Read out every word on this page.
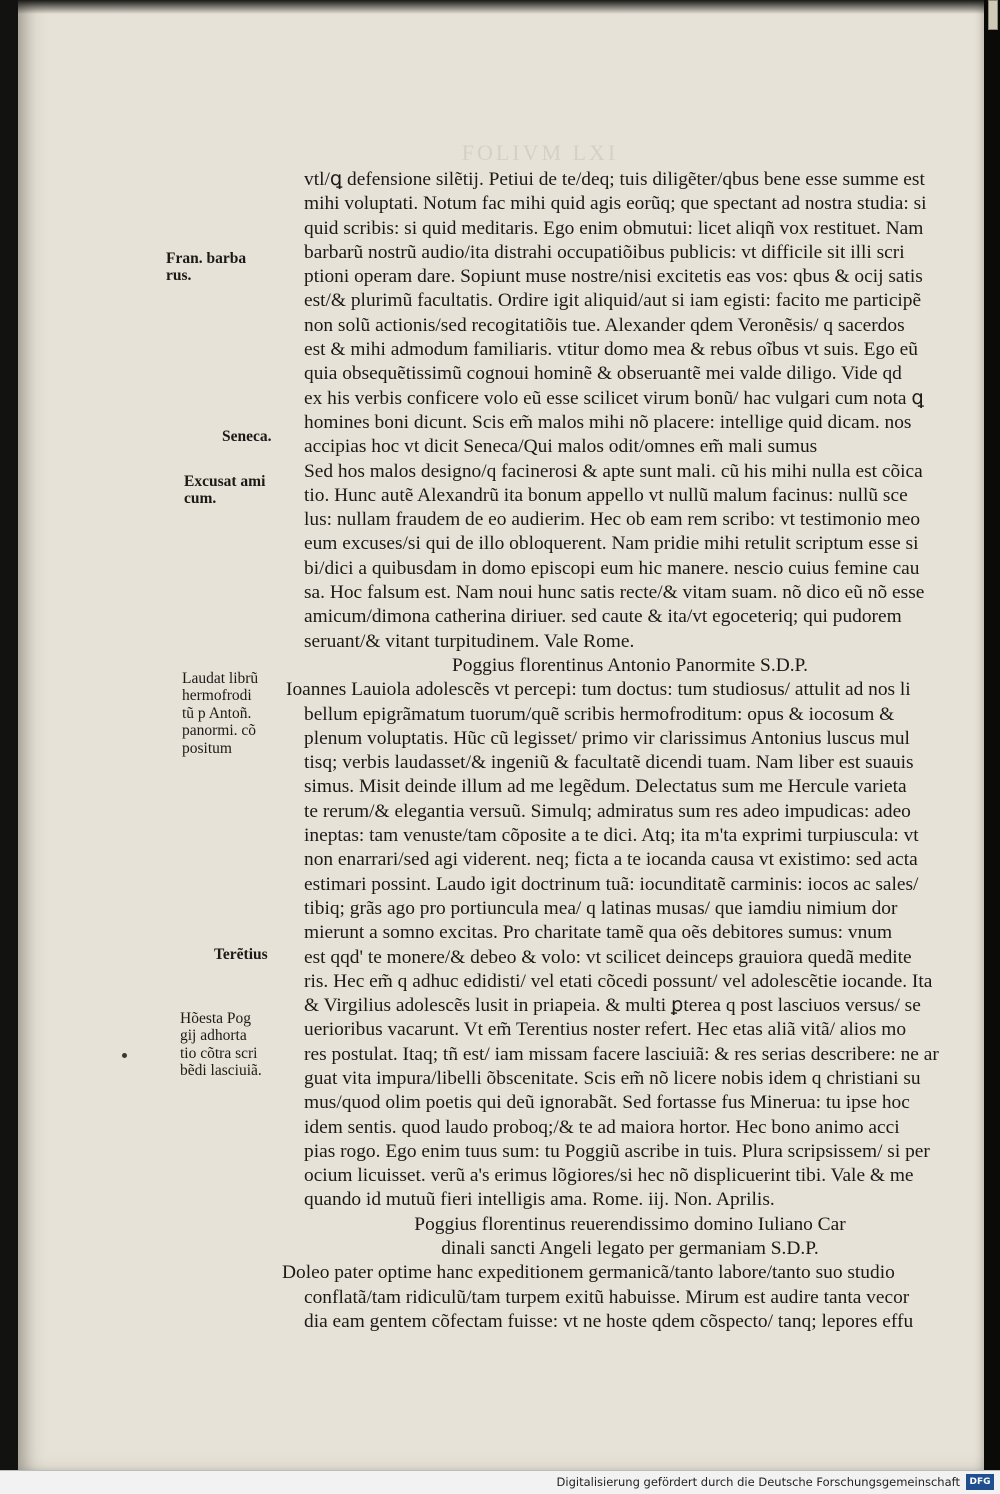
FOLIVM LXI
vtl/ꝗ defensione silẽtij. Petiui de te/deq; tuis diligẽter/qbus bene esse summe est
mihi voluptati. Notum fac mihi quid agis eorũq; que spectant ad nostra studia: si
quid scribis: si quid meditaris. Ego enim obmutui: licet aliqñ vox restituet. Nam
barbarũ nostrũ audio/ita distrahi occupatiõibus publicis: vt difficile sit illi scri
ptioni operam dare. Sopiunt muse nostre/nisi excitetis eas vos: qbus & ocij satis
est/& plurimũ facultatis. Ordire igit aliquid/aut si iam egisti: facito me participẽ
non solũ actionis/sed recogitatiõis tue. Alexander qdem Veronẽsis/ q sacerdos
est & mihi admodum familiaris. vtitur domo mea & rebus oĩbus vt suis. Ego eũ
quia obsequẽtissimũ cognoui hominẽ & obseruantẽ mei valde diligo. Vide qd
ex his verbis conficere volo eũ esse scilicet virum bonũ/ hac vulgari cum nota ꝗ
homines boni dicunt. Scis em̃ malos mihi nõ placere: intellige quid dicam. nos
accipias hoc vt dicit Seneca/Qui malos odit/omnes em̃ mali sumus
Sed hos malos designo/q facinerosi & apte sunt mali. cũ his mihi nulla est cõica
tio. Hunc autẽ Alexandrũ ita bonum appello vt nullũ malum facinus: nullũ sce
lus: nullam fraudem de eo audierim. Hec ob eam rem scribo: vt testimonio meo
eum excuses/si qui de illo obloquerent. Nam pridie mihi retulit scriptum esse si
bi/dici a quibusdam in domo episcopi eum hic manere. nescio cuius femine cau
sa. Hoc falsum est. Nam noui hunc satis recte/& vitam suam. nõ dico eũ nõ esse
amicum/dimona catherina diriuer. sed caute & ita/vt egoceteriq; qui pudorem
seruant/& vitant turpitudinem. Vale Rome.
Poggius florentinus Antonio Panormite S.D.P.
Ioannes Lauiola adolescẽs vt percepi: tum doctus: tum studiosus/ attulit ad nos li
bellum epigrãmatum tuorum/quẽ scribis hermofroditum: opus & iocosum &
plenum voluptatis. Hũc cũ legisset/ primo vir clarissimus Antonius luscus mul
tisq; verbis laudasset/& ingeniũ & facultatẽ dicendi tuam. Nam liber est suauis
simus. Misit deinde illum ad me legẽdum. Delectatus sum me Hercule varieta
te rerum/& elegantia versuũ. Simulq; admiratus sum res adeo impudicas: adeo
ineptas: tam venuste/tam cõposite a te dici. Atq; ita m'ta exprimi turpiuscula: vt
non enarrari/sed agi viderent. neq; ficta a te iocanda causa vt existimo: sed acta
estimari possint. Laudo igit doctrinum tuã: iocunditatẽ carminis: iocos ac sales/
tibiq; grãs ago pro portiuncula mea/ q latinas musas/ que iamdiu nimium dor
mierunt a somno excitas. Pro charitate tamẽ qua oẽs debitores sumus: vnum
est qqd' te monere/& debeo & volo: vt scilicet deinceps grauiora quedã medite
ris. Hec em̃ q adhuc edidisti/ vel etati cõcedi possunt/ vel adolescẽtie iocande. Ita
& Virgilius adolescẽs lusit in priapeia. & multi ꝑterea q post lasciuos versus/ se
uerioribus vacarunt. Vt em̃ Terentius noster refert. Hec etas aliã vitã/ alios mo
res postulat. Itaq; tñ est/ iam missam facere lasciuiã: & res serias describere: ne ar
guat vita impura/libelli õbscenitate. Scis em̃ nõ licere nobis idem q christiani su
mus/quod olim poetis qui deũ ignorabãt. Sed fortasse fus Minerua: tu ipse hoc
idem sentis. quod laudo proboq;/& te ad maiora hortor. Hec bono animo acci
pias rogo. Ego enim tuus sum: tu Poggiũ ascribe in tuis. Plura scripsissem/ si per
ocium licuisset. verũ a's erimus lõgiores/si hec nõ displicuerint tibi. Vale & me
quando id mutuũ fieri intelligis ama. Rome. iij. Non. Aprilis.
Poggius florentinus reuerendissimo domino Iuliano Car
dinali sancti Angeli legato per germaniam S.D.P.
Doleo pater optime hanc expeditionem germanicã/tanto labore/tanto suo studio
conflatã/tam ridiculũ/tam turpem exitũ habuisse. Mirum est audire tanta vecor
dia eam gentem cõfectam fuisse: vt ne hoste qdem cõspecto/ tanq; lepores effu
Fran. barba
rus.
Seneca.
Excusat ami
cum.
Laudat librũ
hermofrodi
tũ p Antoñ.
panormi. cõ
positum
Terẽtius
Hõesta Pog
gij adhorta
tio cõtra scri
bẽdi lasciuiã.
Digitalisierung gefördert durch die Deutsche Forschungsgemeinschaft	DFG
